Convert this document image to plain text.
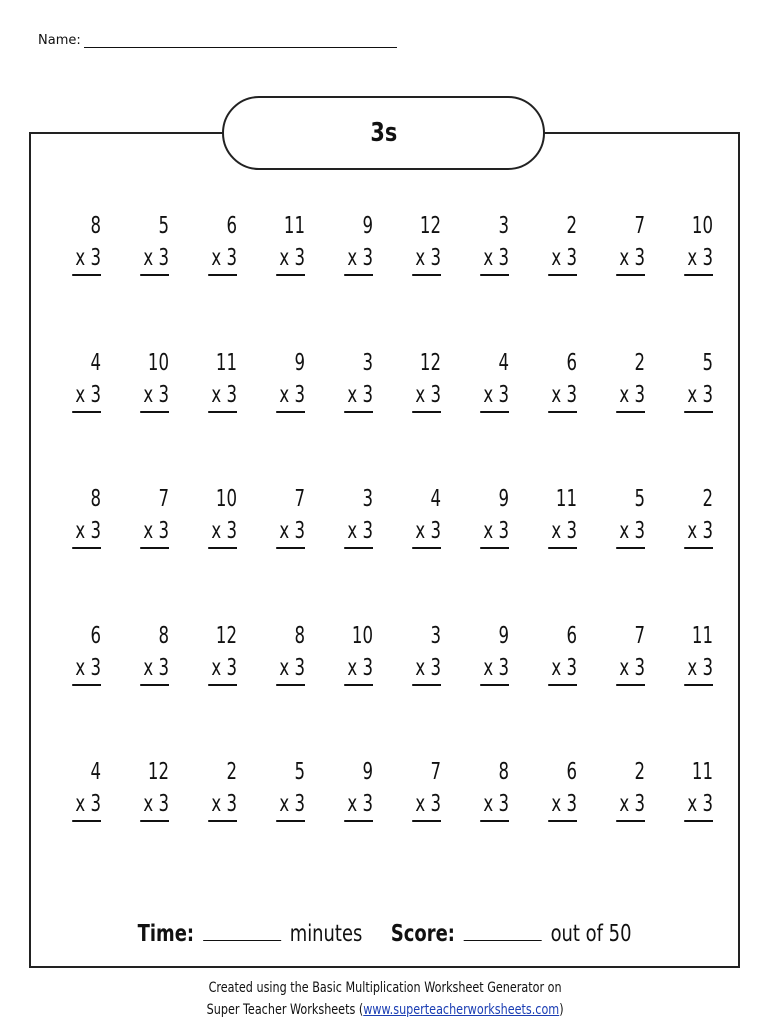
Name:
3s
8
x 3
5
x 3
6
x 3
11
x 3
9
x 3
12
x 3
3
x 3
2
x 3
7
x 3
10
x 3
4
x 3
10
x 3
11
x 3
9
x 3
3
x 3
12
x 3
4
x 3
6
x 3
2
x 3
5
x 3
8
x 3
7
x 3
10
x 3
7
x 3
3
x 3
4
x 3
9
x 3
11
x 3
5
x 3
2
x 3
6
x 3
8
x 3
12
x 3
8
x 3
10
x 3
3
x 3
9
x 3
6
x 3
7
x 3
11
x 3
4
x 3
12
x 3
2
x 3
5
x 3
9
x 3
7
x 3
8
x 3
6
x 3
2
x 3
11
x 3
Time:	minutes Score:	out of 50
Created using the Basic Multiplication Worksheet Generator on
Super Teacher Worksheets (www.superteacherworksheets.com)
